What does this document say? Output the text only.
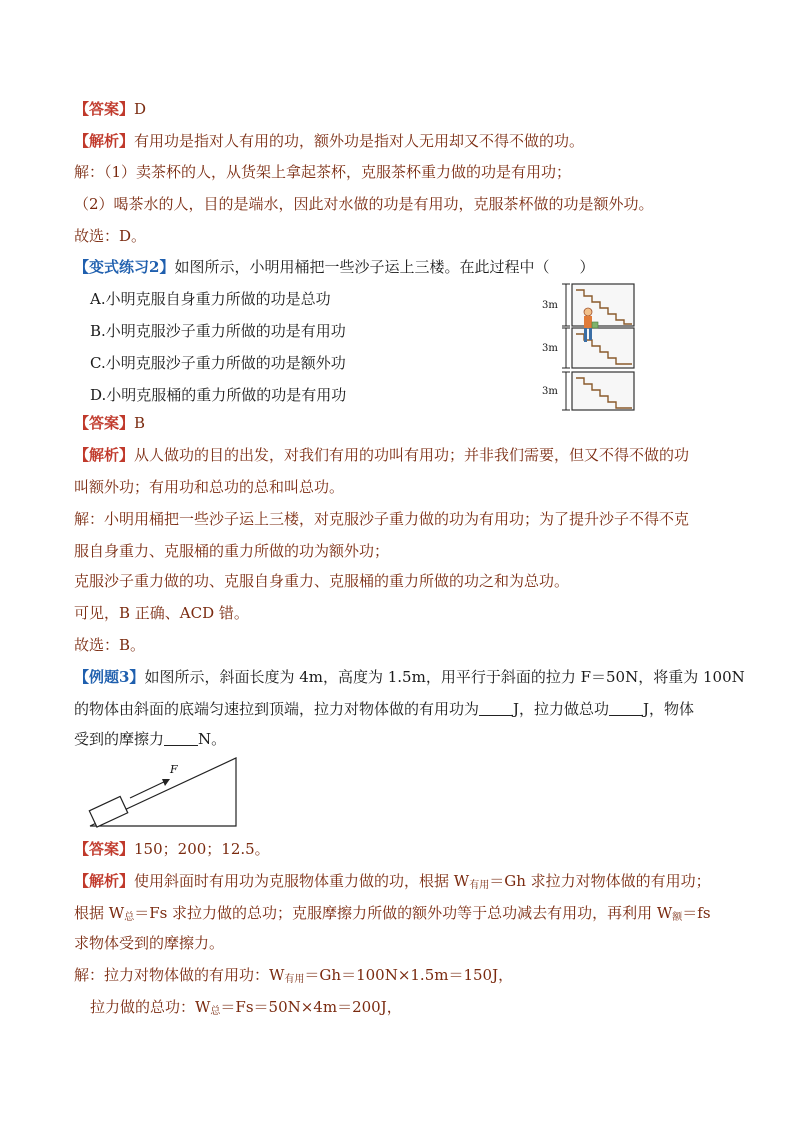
【答案】D
【解析】有用功是指对人有用的功，额外功是指对人无用却又不得不做的功。
解：（1）卖茶杯的人，从货架上拿起茶杯，克服茶杯重力做的功是有用功；
（2）喝茶水的人，目的是端水，因此对水做的功是有用功，克服茶杯做的功是额外功。
故选：D。
【变式练习2】如图所示，小明用桶把一些沙子运上三楼。在此过程中（　　）
A.小明克服自身重力所做的功是总功
B.小明克服沙子重力所做的功是有用功
C.小明克服沙子重力所做的功是额外功
D.小明克服桶的重力所做的功是有用功
3m
3m
3m
【答案】B
【解析】从人做功的目的出发，对我们有用的功叫有用功；并非我们需要，但又不得不做的功
叫额外功；有用功和总功的总和叫总功。
解：小明用桶把一些沙子运上三楼，对克服沙子重力做的功为有用功；为了提升沙子不得不克
服自身重力、克服桶的重力所做的功为额外功；
克服沙子重力做的功、克服自身重力、克服桶的重力所做的功之和为总功。
可见，B 正确、ACD 错。
故选：B。
【例题3】如图所示，斜面长度为 4m，高度为 1.5m，用平行于斜面的拉力 F＝50N，将重为 100N
的物体由斜面的底端匀速拉到顶端，拉力对物体做的有用功为 J，拉力做总功 J，物体
受到的摩擦力 N。
F
【答案】150；200；12.5。
【解析】使用斜面时有用功为克服物体重力做的功，根据 $W_{有用}=Gh$ 求拉力对物体做的有用功；
根据 $W_总=Fs$ 求拉力做的总功；克服摩擦力所做的额外功等于总功减去有用功，再利用 $W_额=fs$
求物体受到的摩擦力。
解：拉力对物体做的有用功：$W_{有用}=Gh=100N\times 1.5m=150J$，
拉力做的总功：$W_总=Fs=50N\times 4m=200J$，
